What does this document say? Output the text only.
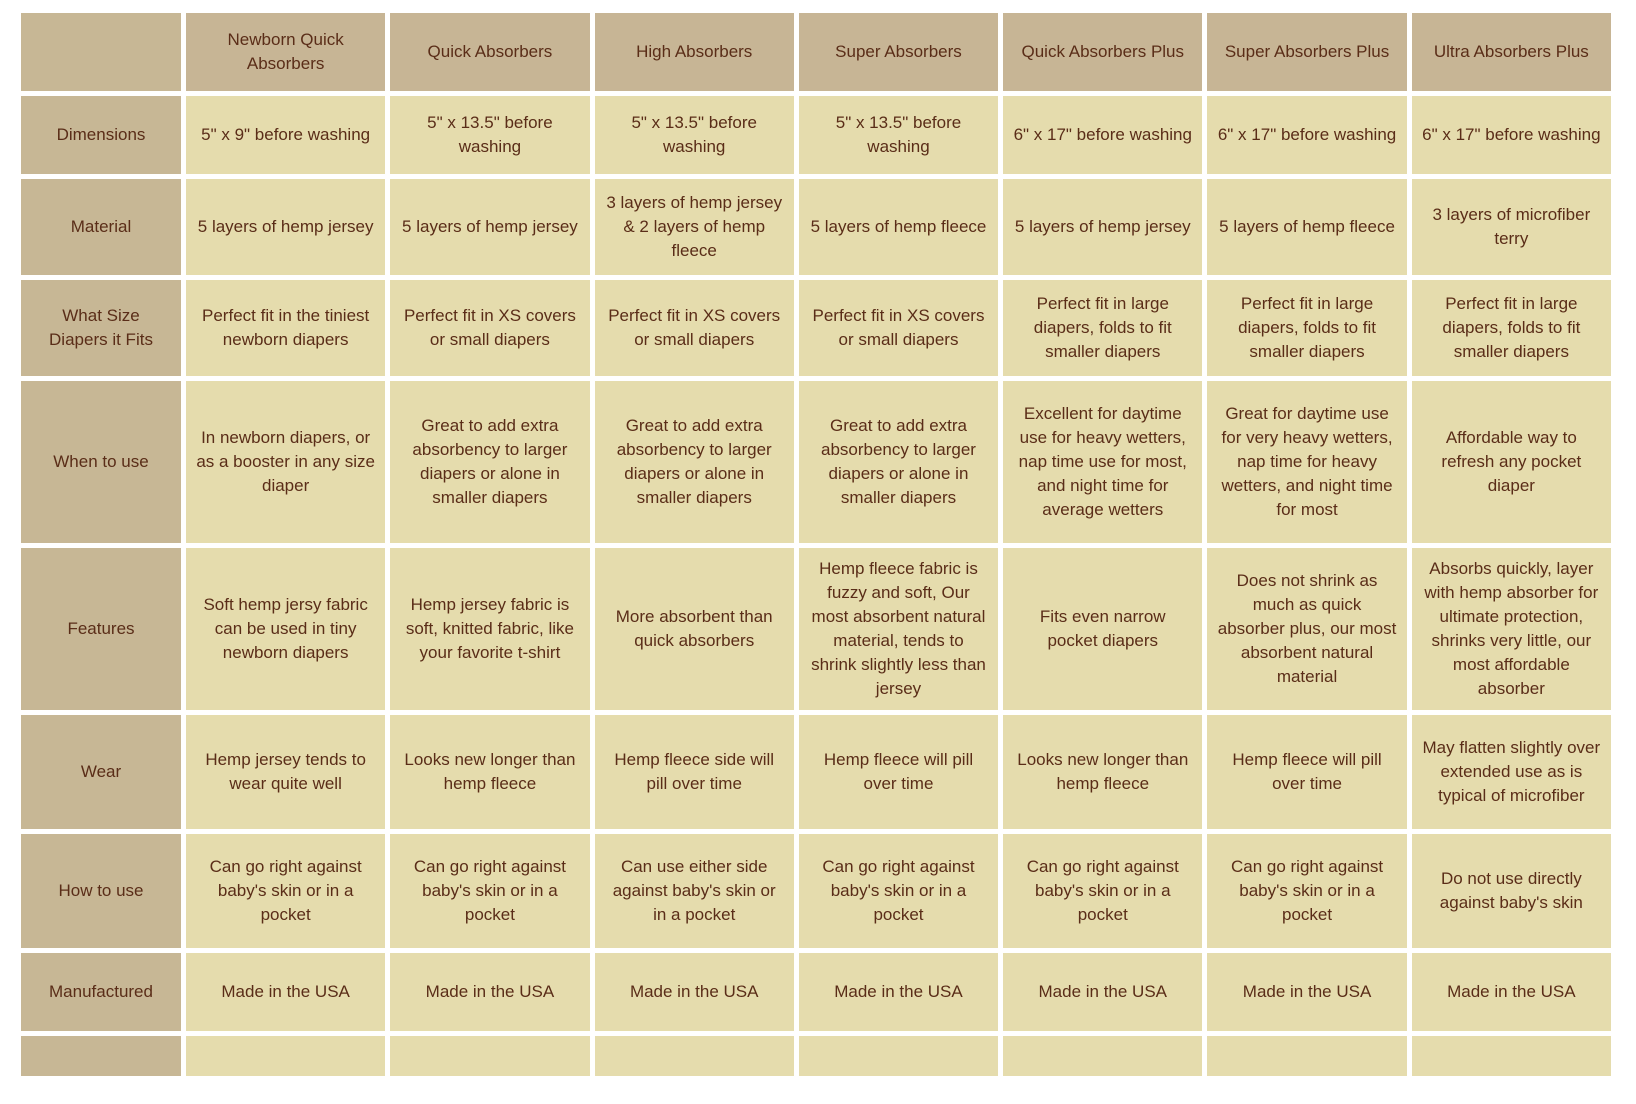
	Newborn Quick Absorbers	Quick Absorbers	High Absorbers	Super Absorbers	Quick Absorbers Plus	Super Absorbers Plus	Ultra Absorbers Plus
Dimensions	5" x 9" before washing	5" x 13.5" before washing	5" x 13.5" before washing	5" x 13.5" before washing	6" x 17" before washing	6" x 17" before washing	6" x 17" before washing
Material	5 layers of hemp jersey	5 layers of hemp jersey	3 layers of hemp jersey & 2 layers of hemp fleece	5 layers of hemp fleece	5 layers of hemp jersey	5 layers of hemp fleece	3 layers of microfiber terry
What Size Diapers it Fits	Perfect fit in the tiniest newborn diapers	Perfect fit in XS covers or small diapers	Perfect fit in XS covers or small diapers	Perfect fit in XS covers or small diapers	Perfect fit in large diapers, folds to fit smaller diapers	Perfect fit in large diapers, folds to fit smaller diapers	Perfect fit in large diapers, folds to fit smaller diapers
When to use	In newborn diapers, or as a booster in any size diaper	Great to add extra absorbency to larger diapers or alone in smaller diapers	Great to add extra absorbency to larger diapers or alone in smaller diapers	Great to add extra absorbency to larger diapers or alone in smaller diapers	Excellent for daytime use for heavy wetters, nap time use for most, and night time for average wetters	Great for daytime use for very heavy wetters, nap time for heavy wetters, and night time for most	Affordable way to refresh any pocket diaper
Features	Soft hemp jersy fabric can be used in tiny newborn diapers	Hemp jersey fabric is soft, knitted fabric, like your favorite t-shirt	More absorbent than quick absorbers	Hemp fleece fabric is fuzzy and soft, Our most absorbent natural material, tends to shrink slightly less than jersey	Fits even narrow pocket diapers	Does not shrink as much as quick absorber plus, our most absorbent natural material	Absorbs quickly, layer with hemp absorber for ultimate protection, shrinks very little, our most affordable absorber
Wear	Hemp jersey tends to wear quite well	Looks new longer than hemp fleece	Hemp fleece side will pill over time	Hemp fleece will pill over time	Looks new longer than hemp fleece	Hemp fleece will pill over time	May flatten slightly over extended use as is typical of microfiber
How to use	Can go right against baby's skin or in a pocket	Can go right against baby's skin or in a pocket	Can use either side against baby's skin or in a pocket	Can go right against baby's skin or in a pocket	Can go right against baby's skin or in a pocket	Can go right against baby's skin or in a pocket	Do not use directly against baby's skin
Manufactured	Made in the USA	Made in the USA	Made in the USA	Made in the USA	Made in the USA	Made in the USA	Made in the USA
